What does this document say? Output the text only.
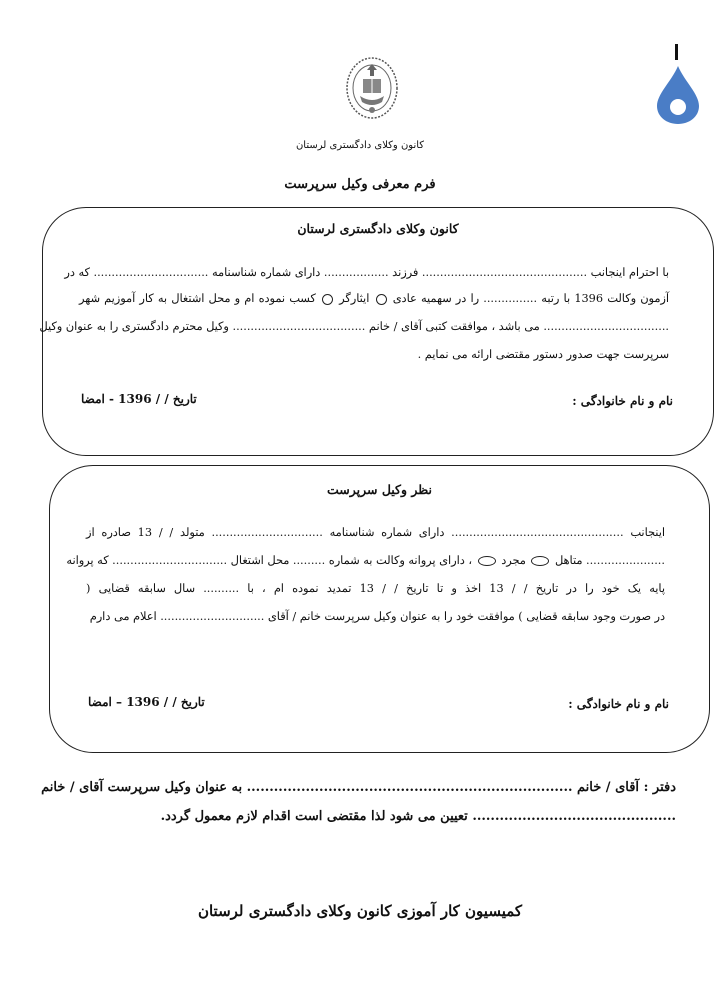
كانون وكلای دادگستری لرستان
فرم معرفی وكيل سرپرست
كانون وكلای دادگستری لرستان
با احترام اينجانب .............................................. فرزند .................. دارای شماره شناسنامه ................................ كه در
آزمون وكالت 1396 با رتبه ............... را در سهميه عادی  ايثارگر  كسب نموده ام و محل اشتغال به كار آموزيم شهر
................................... می باشد ، موافقت كتبی آقای / خانم ..................................... وكيل محترم دادگستری را به عنوان وكيل
سرپرست جهت صدور دستور مقتضی ارائه می نمايم .
نام و نام خانوادگی :
تاريخ / / 1396 - امضا
نظر وكيل سرپرست
اينجانب ................................................ دارای شماره شناسنامه ............................... متولد / / 13 صادره از
...................... متاهل  مجرد  ، دارای پروانه وكالت به شماره ......... محل اشتغال ................................ كه پروانه
پايه يک خود را در تاريخ / / 13 اخذ و تا تاريخ / / 13 تمديد نموده ام ، با .......... سال سابقه قضايی (
در صورت وجود سابقه قضايی ) موافقت خود را به عنوان وكيل سرپرست خانم / آقای ............................. اعلام می دارم
نام و نام خانوادگی :
تاريخ / / 1396 – امضا
دفتر : آقای / خانم ........................................................................ به عنوان وكيل سرپرست آقای / خانم
............................................. تعيين می شود لذا مقتضی است اقدام لازم معمول گردد.
كميسيون كار آموزی كانون وكلای دادگستری لرستان
